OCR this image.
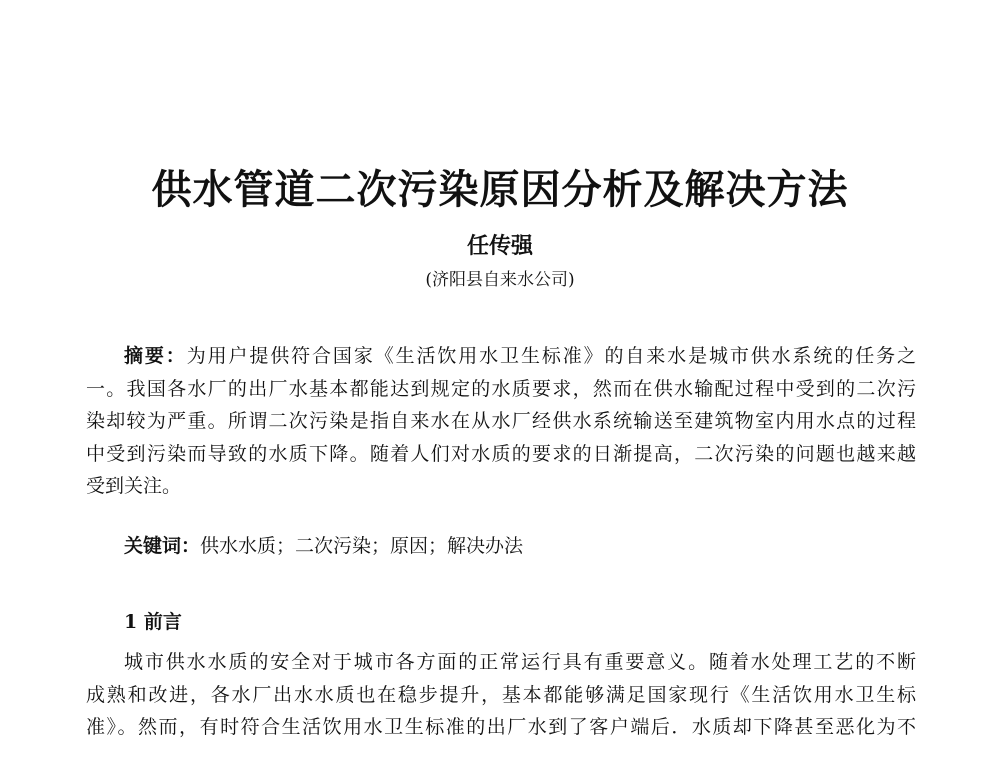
供水管道二次污染原因分析及解决方法
任传强
(济阳县自来水公司)
摘要：为用户提供符合国家《生活饮用水卫生标准》的自来水是城市供水系统的任务之
一。我国各水厂的出厂水基本都能达到规定的水质要求，然而在供水输配过程中受到的二次污
染却较为严重。所谓二次污染是指自来水在从水厂经供水系统输送至建筑物室内用水点的过程
中受到污染而导致的水质下降。随着人们对水质的要求的日渐提高，二次污染的问题也越来越
受到关注。
关键词：供水水质；二次污染；原因；解决办法
1 前言
城市供水水质的安全对于城市各方面的正常运行具有重要意义。随着水处理工艺的不断
成熟和改进，各水厂出水水质也在稳步提升，基本都能够满足国家现行《生活饮用水卫生标
准》。然而，有时符合生活饮用水卫生标准的出厂水到了客户端后．水质却下降甚至恶化为不
